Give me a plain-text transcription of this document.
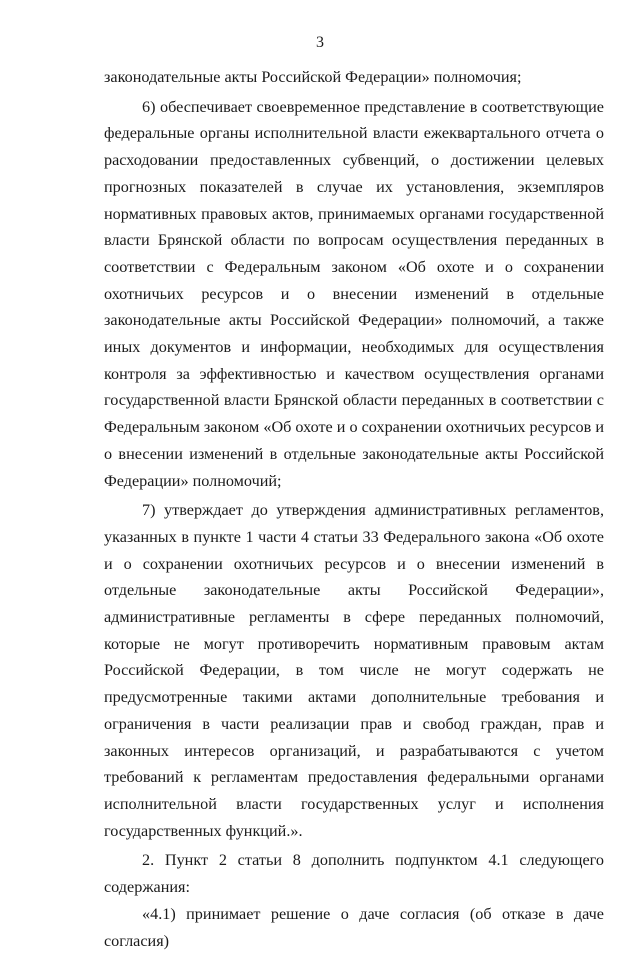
3

законодательные акты Российской Федерации» полномочия;

6) обеспечивает своевременное представление в соответствующие федеральные органы исполнительной власти ежеквартального отчета о расходовании предоставленных субвенций, о достижении целевых прогнозных показателей в случае их установления, экземпляров нормативных правовых актов, принимаемых органами государственной власти Брянской области по вопросам осуществления переданных в соответствии с Федеральным законом «Об охоте и о сохранении охотничьих ресурсов и о внесении изменений в отдельные законодательные акты Российской Федерации» полномочий, а также иных документов и информации, необходимых для осуществления контроля за эффективностью и качеством осуществления органами государственной власти Брянской области переданных в соответствии с Федеральным законом «Об охоте и о сохранении охотничьих ресурсов и о внесении изменений в отдельные законодательные акты Российской Федерации» полномочий;

7) утверждает до утверждения административных регламентов, указанных в пункте 1 части 4 статьи 33 Федерального закона «Об охоте и о сохранении охотничьих ресурсов и о внесении изменений в отдельные законодательные акты Российской Федерации», административные регламенты в сфере переданных полномочий, которые не могут противоречить нормативным правовым актам Российской Федерации, в том числе не могут содержать не предусмотренные такими актами дополнительные требования и ограничения в части реализации прав и свобод граждан, прав и законных интересов организаций, и разрабатываются с учетом требований к регламентам предоставления федеральными органами исполнительной власти государственных услуг и исполнения государственных функций.».

2. Пункт 2 статьи 8 дополнить подпунктом 4.1 следующего содержания:

«4.1) принимает решение о даче согласия (об отказе в даче согласия)
